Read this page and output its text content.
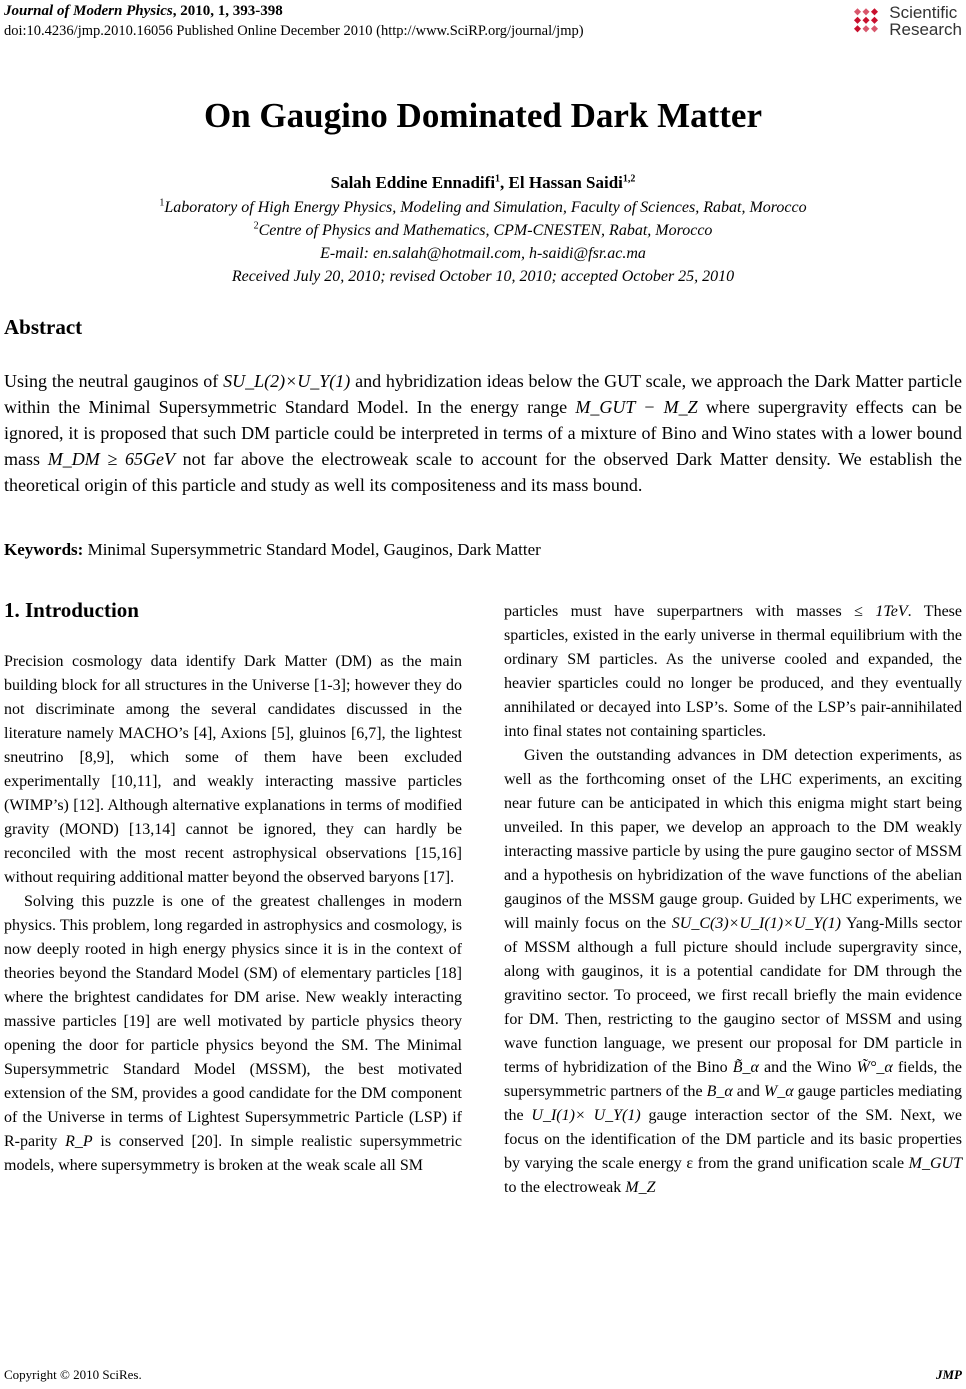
Journal of Modern Physics, 2010, 1, 393-398
doi:10.4236/jmp.2010.16056 Published Online December 2010 (http://www.SciRP.org/journal/jmp)
Scientific
Research
On Gaugino Dominated Dark Matter
Salah Eddine Ennadifi$^1$, El Hassan Saidi$^{1,2}$
$^1$Laboratory of High Energy Physics, Modeling and Simulation, Faculty of Sciences, Rabat, Morocco
$^2$Centre of Physics and Mathematics, CPM-CNESTEN, Rabat, Morocco
E-mail: en.salah@hotmail.com, h-saidi@fsr.ac.ma
Received July 20, 2010; revised October 10, 2010; accepted October 25, 2010
Abstract
Using the neutral gauginos of SU_L(2)×U_Y(1) and hybridization ideas below the GUT scale, we approach the Dark Matter particle within the Minimal Supersymmetric Standard Model. In the energy range M_GUT − M_Z where supergravity effects can be ignored, it is proposed that such DM particle could be interpreted in terms of a mixture of Bino and Wino states with a lower bound mass M_DM ≥ 65GeV not far above the electroweak scale to account for the observed Dark Matter density. We establish the theoretical origin of this particle and study as well its compositeness and its mass bound.
Keywords: Minimal Supersymmetric Standard Model, Gauginos, Dark Matter
1. Introduction

Precision cosmology data identify Dark Matter (DM) as the main building block for all structures in the Universe [1-3]; however they do not discriminate among the several candidates discussed in the literature namely MACHO’s [4], Axions [5], gluinos [6,7], the lightest sneutrino [8,9], which some of them have been excluded experimentally [10,11], and weakly interacting massive particles (WIMP’s) [12]. Although alternative explanations in terms of modified gravity (MOND) [13,14] cannot be ignored, they can hardly be reconciled with the most recent astrophysical observations [15,16] without requiring additional matter beyond the observed baryons [17].

Solving this puzzle is one of the greatest challenges in modern physics. This problem, long regarded in astrophysics and cosmology, is now deeply rooted in high energy physics since it is in the context of theories beyond the Standard Model (SM) of elementary particles [18] where the brightest candidates for DM arise. New weakly interacting massive particles [19] are well motivated by particle physics theory opening the door for particle physics beyond the SM. The Minimal Supersymmetric Standard Model (MSSM), the best motivated extension of the SM, provides a good candidate for the DM component of the Universe in terms of Lightest Supersymmetric Particle (LSP) if R-parity R_P is conserved [20]. In simple realistic supersymmetric models, where supersymmetry is broken at the weak scale all SM

particles must have superpartners with masses ≤ 1TeV. These sparticles, existed in the early universe in thermal equilibrium with the ordinary SM particles. As the universe cooled and expanded, the heavier sparticles could no longer be produced, and they eventually annihilated or decayed into LSP’s. Some of the LSP’s pair-annihilated into final states not containing sparticles.

Given the outstanding advances in DM detection experiments, as well as the forthcoming onset of the LHC experiments, an exciting near future can be anticipated in which this enigma might start being unveiled. In this paper, we develop an approach to the DM weakly interacting massive particle by using the pure gaugino sector of MSSM and a hypothesis on hybridization of the wave functions of the abelian gauginos of the MSSM gauge group. Guided by LHC experiments, we will mainly focus on the SU_C(3)×U_I(1)×U_Y(1) Yang-Mills sector of MSSM although a full picture should include supergravity since, along with gauginos, it is a potential candidate for DM through the gravitino sector. To proceed, we first recall briefly the main evidence for DM. Then, restricting to the gaugino sector of MSSM and using wave function language, we present our proposal for DM particle in terms of hybridization of the Bino B̃_α and the Wino W̃°_α fields, the supersymmetric partners of the B_α and W_α gauge particles mediating the U_I(1)× U_Y(1) gauge interaction sector of the SM. Next, we focus on the identification of the DM particle and its basic properties by varying the scale energy ε from the grand unification scale M_GUT to the electroweak M_Z

Copyright © 2010 SciRes.	JMP
